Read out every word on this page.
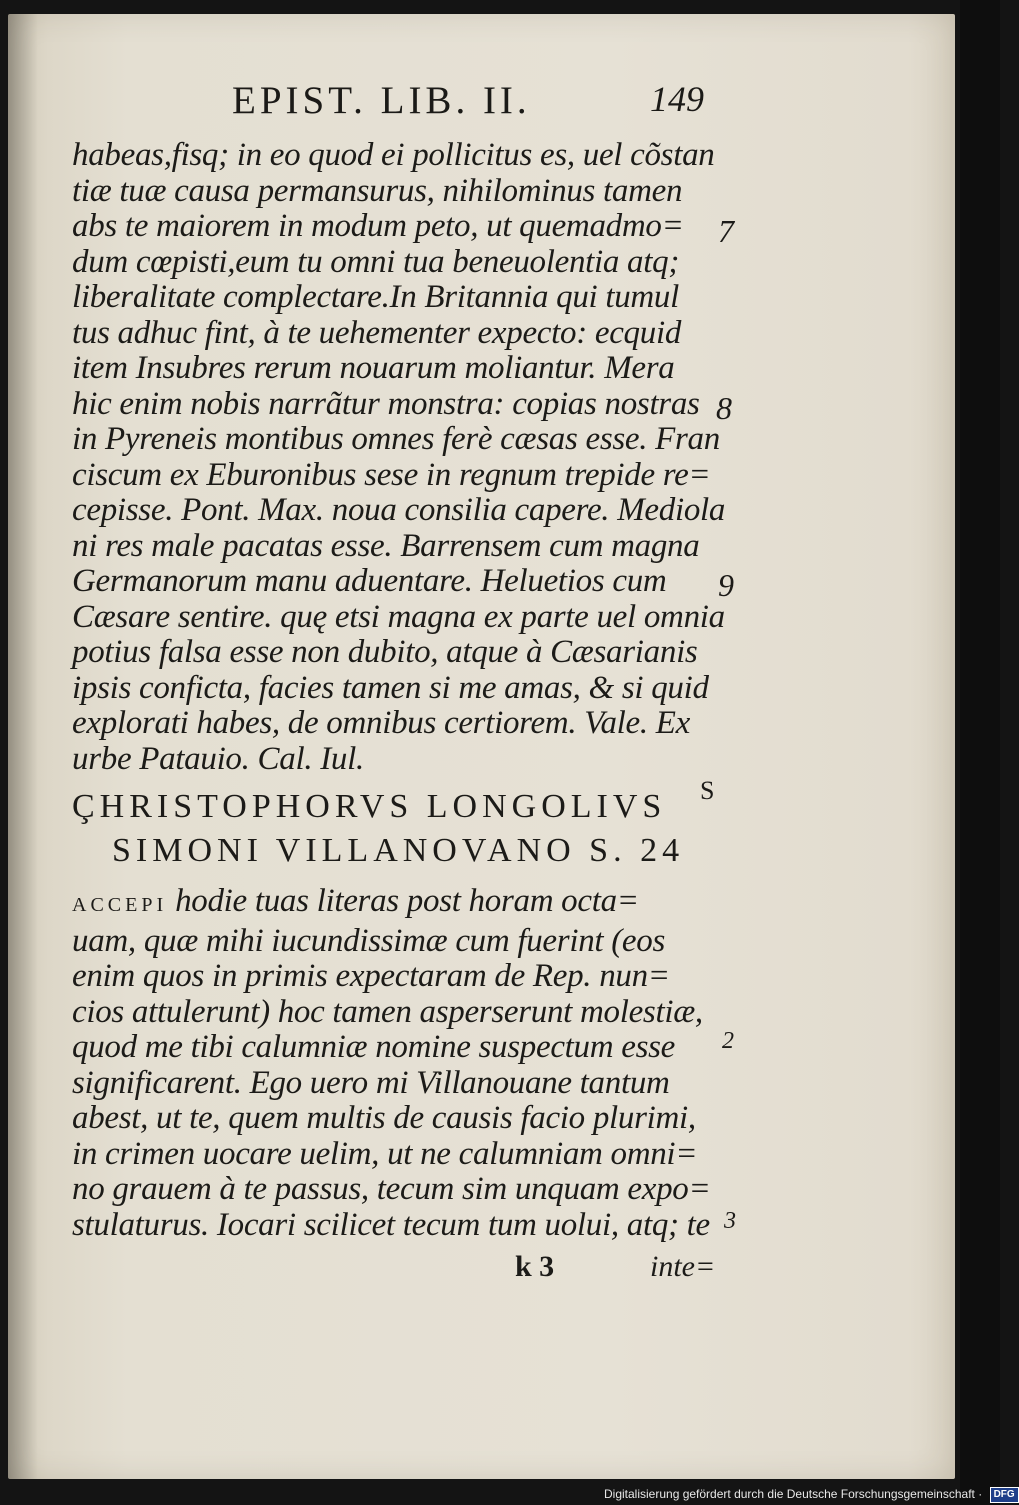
EPIST. LIB. II.	149
habeas,fisq; in eo quod ei pollicitus es, uel cõstan
tiæ tuæ causa permansurus, nihilominus tamen
abs te maiorem in modum peto, ut quemadmo=
dum cœpisti,eum tu omni tua beneuolentia atq;
liberalitate complectare.In Britannia qui tumul
tus adhuc fint, à te uehementer expecto: ecquid
item Insubres rerum nouarum moliantur. Mera
hic enim nobis narrãtur monstra: copias nostras
in Pyreneis montibus omnes ferè cæsas esse. Fran
ciscum ex Eburonibus sese in regnum trepide re=
cepisse. Pont. Max. noua consilia capere. Mediola
ni res male pacatas esse. Barrensem cum magna
Germanorum manu aduentare. Heluetios cum
Cæsare sentire. quę etsi magna ex parte uel omnia
potius falsa esse non dubito, atque à Cæsarianis
ipsis conficta, facies tamen si me amas, & si quid
explorati habes, de omnibus certiorem. Vale. Ex
urbe Patauio. Cal. Iul.
7
8
9
ÇHRISTOPHORVS LONGOLIVS S
SIMONI VILLANOVANO S. 24
ACCEPI hodie tuas literas post horam octa=
uam, quæ mihi iucundissimæ cum fuerint (eos
enim quos in primis expectaram de Rep. nun=
cios attulerunt) hoc tamen asperserunt molestiæ,
quod me tibi calumniæ nomine suspectum esse
significarent. Ego uero mi Villanouane tantum
abest, ut te, quem multis de causis facio plurimi,
in crimen uocare uelim, ut ne calumniam omni=
no grauem à te passus, tecum sim unquam expo=
stulaturus. Iocari scilicet tecum tum uolui, atq; te
2
3
k 3	inte=
Digitalisierung gefördert durch die Deutsche Forschungsgemeinschaft · DFG
